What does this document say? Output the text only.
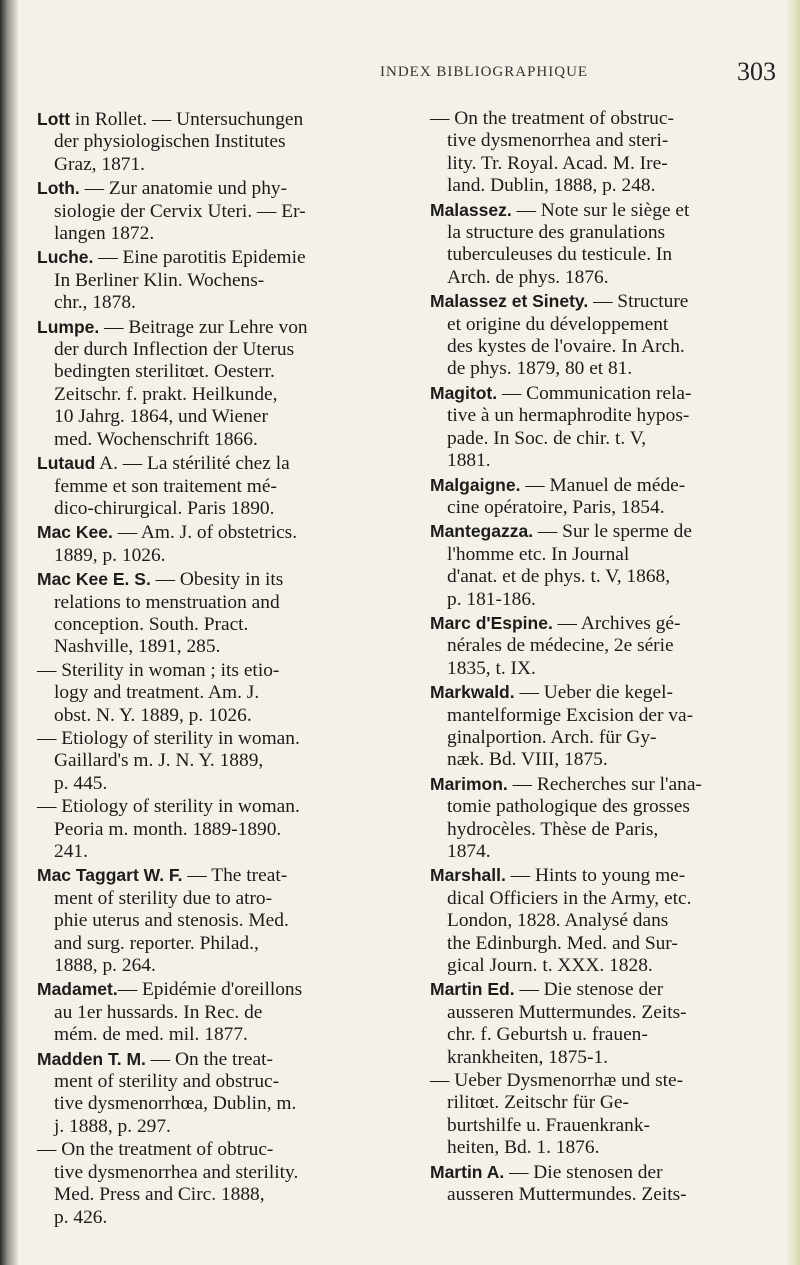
INDEX BIBLIOGRAPHIQUE	303
Lott in Rollet. — Untersuchungen
der physiologischen Institutes
Graz, 1871.
Loth. — Zur anatomie und phy-
siologie der Cervix Uteri. — Er-
langen 1872.
Luche. — Eine parotitis Epidemie
In Berliner Klin. Wochens-
chr., 1878.
Lumpe. — Beitrage zur Lehre von
der durch Inflection der Uterus
bedingten sterilitœt. Oesterr.
Zeitschr. f. prakt. Heilkunde,
10 Jahrg. 1864, und Wiener
med. Wochenschrift 1866.
Lutaud A. — La stérilité chez la
femme et son traitement mé-
dico-chirurgical. Paris 1890.
Mac Kee. — Am. J. of obstetrics.
1889, p. 1026.
Mac Kee E. S. — Obesity in its
relations to menstruation and
conception. South. Pract.
Nashville, 1891, 285.
— Sterility in woman ; its etio-
logy and treatment. Am. J.
obst. N. Y. 1889, p. 1026.
— Etiology of sterility in woman.
Gaillard's m. J. N. Y. 1889,
p. 445.
— Etiology of sterility in woman.
Peoria m. month. 1889-1890.
241.
Mac Taggart W. F. — The treat-
ment of sterility due to atro-
phie uterus and stenosis. Med.
and surg. reporter. Philad.,
1888, p. 264.
Madamet.— Epidémie d'oreillons
au 1er hussards. In Rec. de
mém. de med. mil. 1877.
Madden T. M. — On the treat-
ment of sterility and obstruc-
tive dysmenorrhœa, Dublin, m.
j. 1888, p. 297.
— On the treatment of obtruc-
tive dysmenorrhea and sterility.
Med. Press and Circ. 1888,
p. 426.
— On the treatment of obstruc-
tive dysmenorrhea and steri-
lity. Tr. Royal. Acad. M. Ire-
land. Dublin, 1888, p. 248.
Malassez. — Note sur le siège et
la structure des granulations
tuberculeuses du testicule. In
Arch. de phys. 1876.
Malassez et Sinety. — Structure
et origine du développement
des kystes de l'ovaire. In Arch.
de phys. 1879, 80 et 81.
Magitot. — Communication rela-
tive à un hermaphrodite hypos-
pade. In Soc. de chir. t. V,
1881.
Malgaigne. — Manuel de méde-
cine opératoire, Paris, 1854.
Mantegazza. — Sur le sperme de
l'homme etc. In Journal
d'anat. et de phys. t. V, 1868,
p. 181-186.
Marc d'Espine. — Archives gé-
nérales de médecine, 2e série
1835, t. IX.
Markwald. — Ueber die kegel-
mantelformige Excision der va-
ginalportion. Arch. für Gy-
næk. Bd. VIII, 1875.
Marimon. — Recherches sur l'ana-
tomie pathologique des grosses
hydrocèles. Thèse de Paris,
1874.
Marshall. — Hints to young me-
dical Officiers in the Army, etc.
London, 1828. Analysé dans
the Edinburgh. Med. and Sur-
gical Journ. t. XXX. 1828.
Martin Ed. — Die stenose der
ausseren Muttermundes. Zeits-
chr. f. Geburtsh u. frauen-
krankheiten, 1875-1.
— Ueber Dysmenorrhæ und ste-
rilitœt. Zeitschr für Ge-
burtshilfe u. Frauenkrank-
heiten, Bd. 1. 1876.
Martin A. — Die stenosen der
ausseren Muttermundes. Zeits-
